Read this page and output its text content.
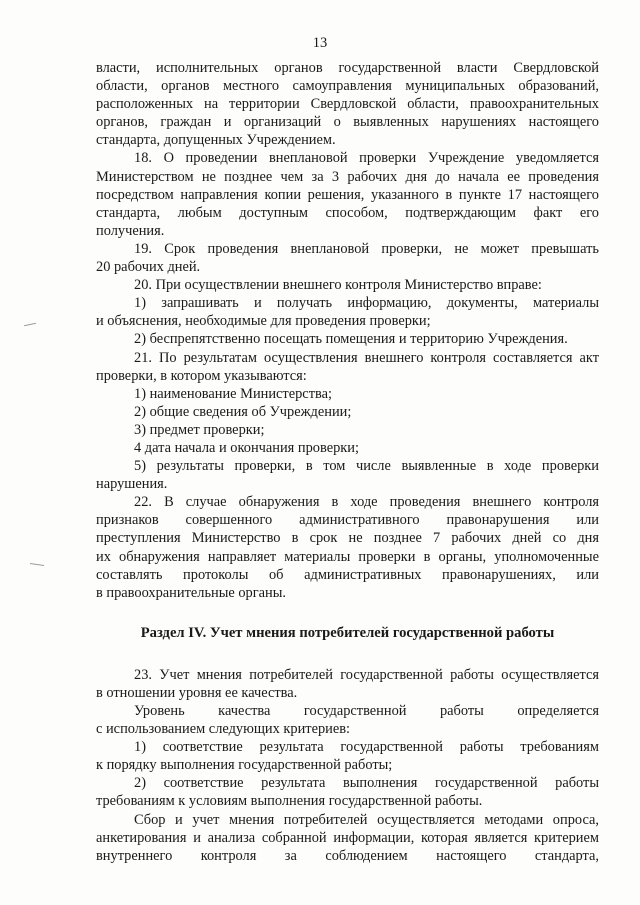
13
власти, исполнительных органов государственной власти Свердловской
области, органов местного самоуправления муниципальных образований,
расположенных на территории Свердловской области, правоохранительных
органов, граждан и организаций о выявленных нарушениях настоящего
стандарта, допущенных Учреждением.
18. О проведении внеплановой проверки Учреждение уведомляется
Министерством не позднее чем за 3 рабочих дня до начала ее проведения
посредством направления копии решения, указанного в пункте 17 настоящего
стандарта, любым доступным способом, подтверждающим факт его
получения.
19. Срок проведения внеплановой проверки, не может превышать
20 рабочих дней.
20. При осуществлении внешнего контроля Министерство вправе:
1) запрашивать и получать информацию, документы, материалы
и объяснения, необходимые для проведения проверки;
2) беспрепятственно посещать помещения и территорию Учреждения.
21. По результатам осуществления внешнего контроля составляется акт
проверки, в котором указываются:
1) наименование Министерства;
2) общие сведения об Учреждении;
3) предмет проверки;
4 дата начала и окончания проверки;
5) результаты проверки, в том числе выявленные в ходе проверки
нарушения.
22. В случае обнаружения в ходе проведения внешнего контроля
признаков совершенного административного правонарушения или
преступления Министерство в срок не позднее 7 рабочих дней со дня
их обнаружения направляет материалы проверки в органы, уполномоченные
составлять протоколы об административных правонарушениях, или
в правоохранительные органы.
Раздел IV. Учет мнения потребителей государственной работы
23. Учет мнения потребителей государственной работы осуществляется
в отношении уровня ее качества.
Уровень качества государственной работы определяется
с использованием следующих критериев:
1) соответствие результата государственной работы требованиям
к порядку выполнения государственной работы;
2) соответствие результата выполнения государственной работы
требованиям к условиям выполнения государственной работы.
Сбор и учет мнения потребителей осуществляется методами опроса,
анкетирования и анализа собранной информации, которая является критерием
внутреннего контроля за соблюдением настоящего стандарта,
